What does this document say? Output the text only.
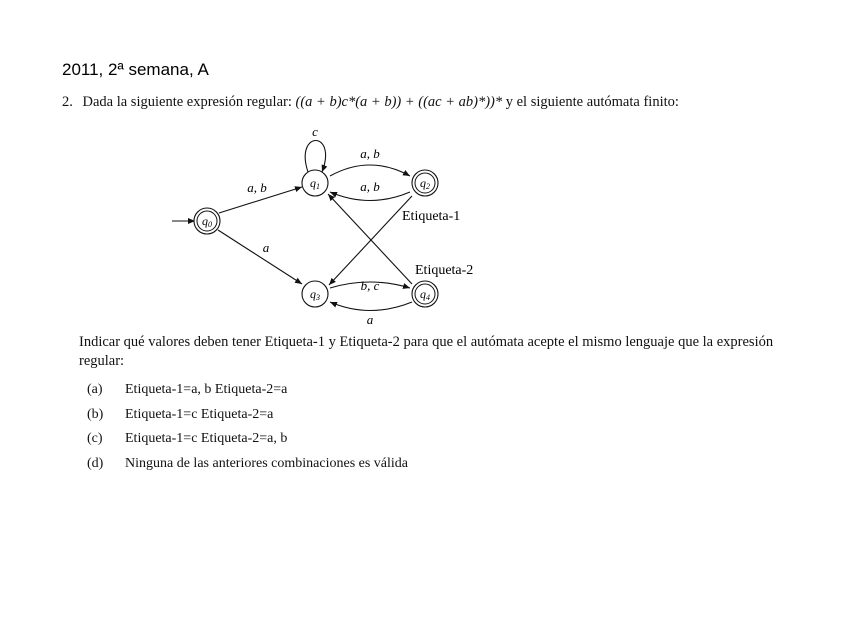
2011, 2ª semana, A
2. Dada la siguiente expresión regular: ((a + b)c*(a + b)) + ((ac + ab)*))* y el siguiente autómata finito:
q0
q1	q2
q3	q4
c
a, b
a
a, b
a, b
b, c
a
Etiqueta-1
Etiqueta-2
Indicar qué valores deben tener Etiqueta-1 y Etiqueta-2 para que el autómata acepte el mismo lenguaje que la expresión regular:
(a)	Etiqueta-1=a, b Etiqueta-2=a
(b)	Etiqueta-1=c Etiqueta-2=a
(c)	Etiqueta-1=c Etiqueta-2=a, b
(d)	Ninguna de las anteriores combinaciones es válida
